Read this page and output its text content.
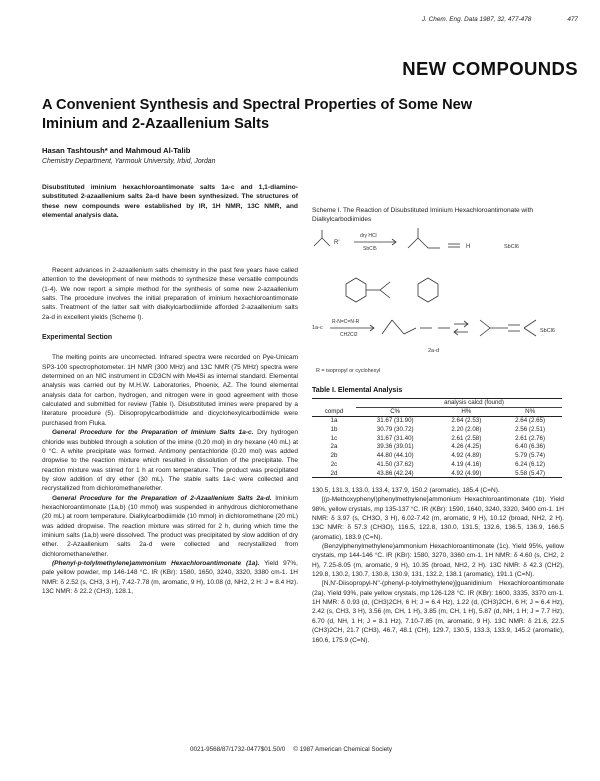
J. Chem. Eng. Data 1987, 32, 477-478	477
NEW COMPOUNDS
A Convenient Synthesis and Spectral Properties of Some New Iminium and 2-Azaallenium Salts
Hasan Tashtoush* and Mahmoud Al-Talib
Chemistry Department, Yarmouk University, Irbid, Jordan
Disubstituted iminium hexachloroantimonate salts 1a-c and 1,1-diamino-substituted 2-azaallenium salts 2a-d have been synthesized. The structures of these new compounds were established by IR, 1H NMR, 13C NMR, and elemental analysis data.

Recent advances in 2-azaallenium salts chemistry in the past few years have called attention to the development of new methods to synthesize these versatile compounds (1-4). We now report a simple method for the synthesis of some new 2-azaallenium salts. The procedure involves the initial preparation of iminium hexachloroantimonate salts. Treatment of the latter salt with dialkylcarbodiimide afforded 2-azaallenium salts 2a-d in excellent yields (Scheme I).

Experimental Section

The melting points are uncorrected. Infrared spectra were recorded on Pye-Unicam SP3-100 spectrophotometer. 1H NMR (300 MHz) and 13C NMR (75 MHz) spectra were determined on an NIC instrument in CD3CN with Me4Si as internal standard. Elemental analysis was carried out by M.H.W. Laboratories, Phoenix, AZ. The found elemental analysis data for carbon, hydrogen, and nitrogen were in good agreement with those calculated and submitted for review (Table I). Disubstituted imines were prepared by a literature procedure (5). Diisopropylcarbodiimide and dicyclohexylcarbodiimide were purchased from Fluka.

General Procedure for the Preparation of Iminium Salts 1a-c. Dry hydrogen chloride was bubbled through a solution of the imine (0.20 mol) in dry hexane (40 mL) at 0 °C. A white precipitate was formed. Antimony pentachloride (0.20 mol) was added dropwise to the reaction mixture which resulted in dissolution of the precipitate. The reaction mixture was stirred for 1 h at room temperature. The product was precipitated by slow addition of dry ether (30 mL). The stable salts 1a-c were collected and recrystallized from dichloromethane/ether.

General Procedure for the Preparation of 2-Azaallenium Salts 2a-d. Iminium hexachloroantimonate (1a,b) (10 mmol) was suspended in anhydrous dichloromethane (20 mL) at room temperature. Dialkylcarbodiimide (10 mmol) in dichloromethane (20 mL) was added dropwise. The reaction mixture was stirred for 2 h, during which time the iminium salts (1a,b) were dissolved. The product was precipitated by slow addition of dry ether. 2-Azaallenium salts 2a-d were collected and recrystallized from dichloromethane/ether.

(Phenyl-p-tolylmethylene)ammonium Hexachloroantimonate (1a). Yield 97%, pale yellow powder, mp 146-148 °C. IR (KBr): 1580, 1650, 3240, 3320, 3380 cm-1. 1H NMR: δ 2.52 (s, CH3, 3 H), 7.42-7.78 (m, aromatic, 9 H), 10.08 (d, NH2, 2 H: J = 8.4 Hz). 13C NMR: δ 22.2 (CH3), 128.1,

Scheme I. The Reaction of Disubstituted Iminium Hexachloroantimonate with Dialkylcarbodiimides
R'
dry HCl
SbCl5	H	SbCl6
1a-c
R-N=C=N-R
CH2Cl2
SbCl6
2a-d
R = isopropyl or cyclohexyl
Table I. Elemental Analysis
	analysis calcd (found)		
compd	C%	H%	N%
1a	31.67 (31.90)	2.64 (2.53)	2.64 (2.65)
1b	30.79 (30.72)	2.20 (2.08)	2.56 (2.51)
1c	31.67 (31.40)	2.61 (2.58)	2.61 (2.76)
2a	39.36 (39.01)	4.26 (4.25)	6.40 (6.36)
2b	44.80 (44.10)	4.92 (4.89)	5.79 (5.74)
2c	41.50 (37.62)	4.19 (4.16)	6.24 (6.12)
2d	43.86 (42.24)	4.92 (4.99)	5.58 (5.47)

130.5, 131.3, 133.0, 133.4, 137.9, 150.2 (aromatic), 185.4 (C=N).

[(p-Methoxyphenyl)phenylmethylene]ammonium Hexachloroantimonate (1b). Yield 98%, yellow crystals, mp 135-137 °C. IR (KBr): 1590, 1640, 3240, 3320, 3400 cm-1. 1H NMR: δ 3.97 (s, CH3O, 3 H), 6.02-7.42 (m, aromatic, 9 H), 10.12 (broad, NH2, 2 H). 13C NMR: δ 57.3 (CH3O), 116.5, 122.8, 130.0, 131.5, 132.6, 136.5, 136.9, 166.5 (aromatic), 183.9 (C=N).

(Benzylphenylmethylene)ammonium Hexachloroantimonate (1c). Yield 95%, yellow crystals, mp 144-146 °C. IR (KBr): 1580, 3270, 3360 cm-1. 1H NMR: δ 4.60 (s, CH2, 2 H), 7.25-8.05 (m, aromatic, 9 H), 10.35 (broad, NH2, 2 H). 13C NMR: δ 42.3 (CH2), 129.8, 130.2, 130.7, 130.8, 130.9, 131, 132.2, 138.1 (aromatic), 191.1 (C=N).

[N,N'-Diisopropyl-N''-(phenyl-p-tolylmethylene)]guanidinium Hexachloroantimonate (2a). Yield 93%, pale yellow crystals, mp 126-128 °C. IR (KBr): 1600, 3335, 3370 cm-1. 1H NMR: δ 0.93 (d, (CH3)2CH, 6 H; J = 6.4 Hz), 1.22 (d, (CH3)2CH, 6 H; J = 6.4 Hz), 2.42 (s, CH3, 3 H), 3.56 (m, CH, 1 H), 3.85 (m, CH, 1 H), 5.87 (d, NH, 1 H; J = 7.7 Hz), 6.70 (d, NH, 1 H; J = 8.1 Hz), 7.10-7.85 (m, aromatic, 9 H). 13C NMR: δ 21.6, 22.5 (CH3)2CH, 21.7 (CH3), 46.7, 48.1 (CH), 129.7, 130.5, 133.3, 133.9, 145.2 (aromatic), 160.6, 175.9 (C=N).

0021-9568/87/1732-0477$01.50/0 © 1987 American Chemical Society
